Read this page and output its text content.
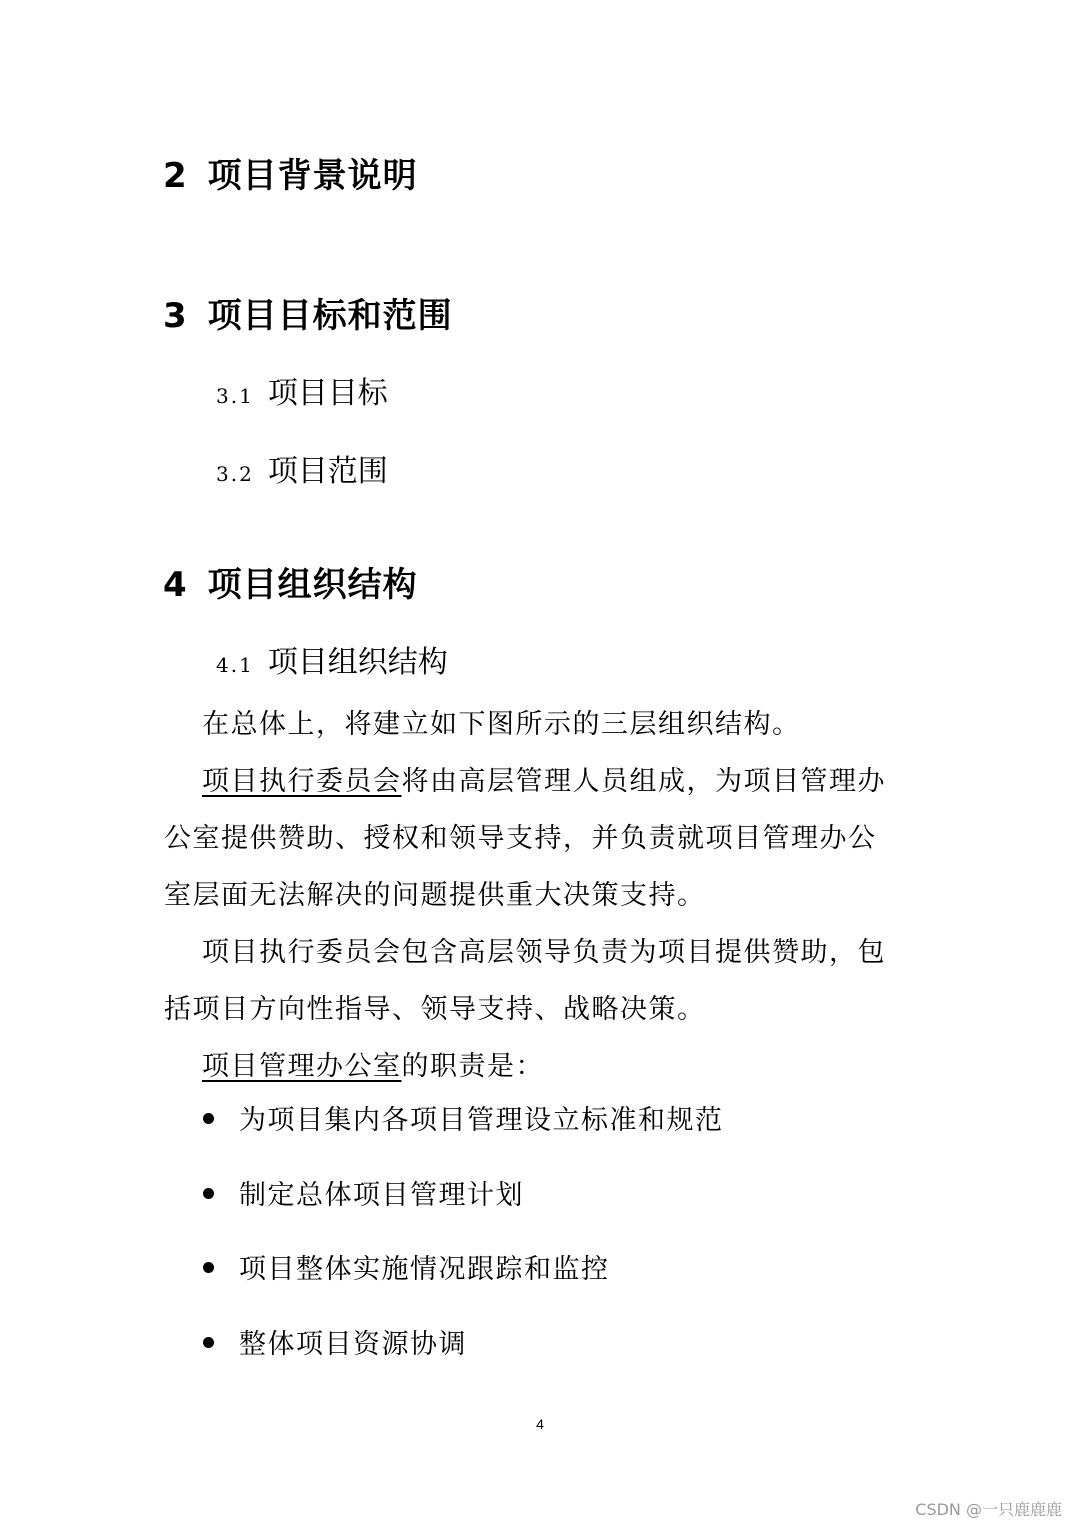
2 项目背景说明
3 项目目标和范围
3.1 项目目标
3.2 项目范围
4 项目组织结构
4.1 项目组织结构
在总体上，将建立如下图所示的三层组织结构。
项目执行委员会将由高层管理人员组成，为项目管理办公室提供赞助、授权和领导支持，并负责就项目管理办公室层面无法解决的问题提供重大决策支持。
项目执行委员会包含高层领导负责为项目提供赞助，包括项目方向性指导、领导支持、战略决策。
项目管理办公室的职责是：
为项目集内各项目管理设立标准和规范
制定总体项目管理计划
项目整体实施情况跟踪和监控
整体项目资源协调
4
CSDN @一只鹿鹿鹿
